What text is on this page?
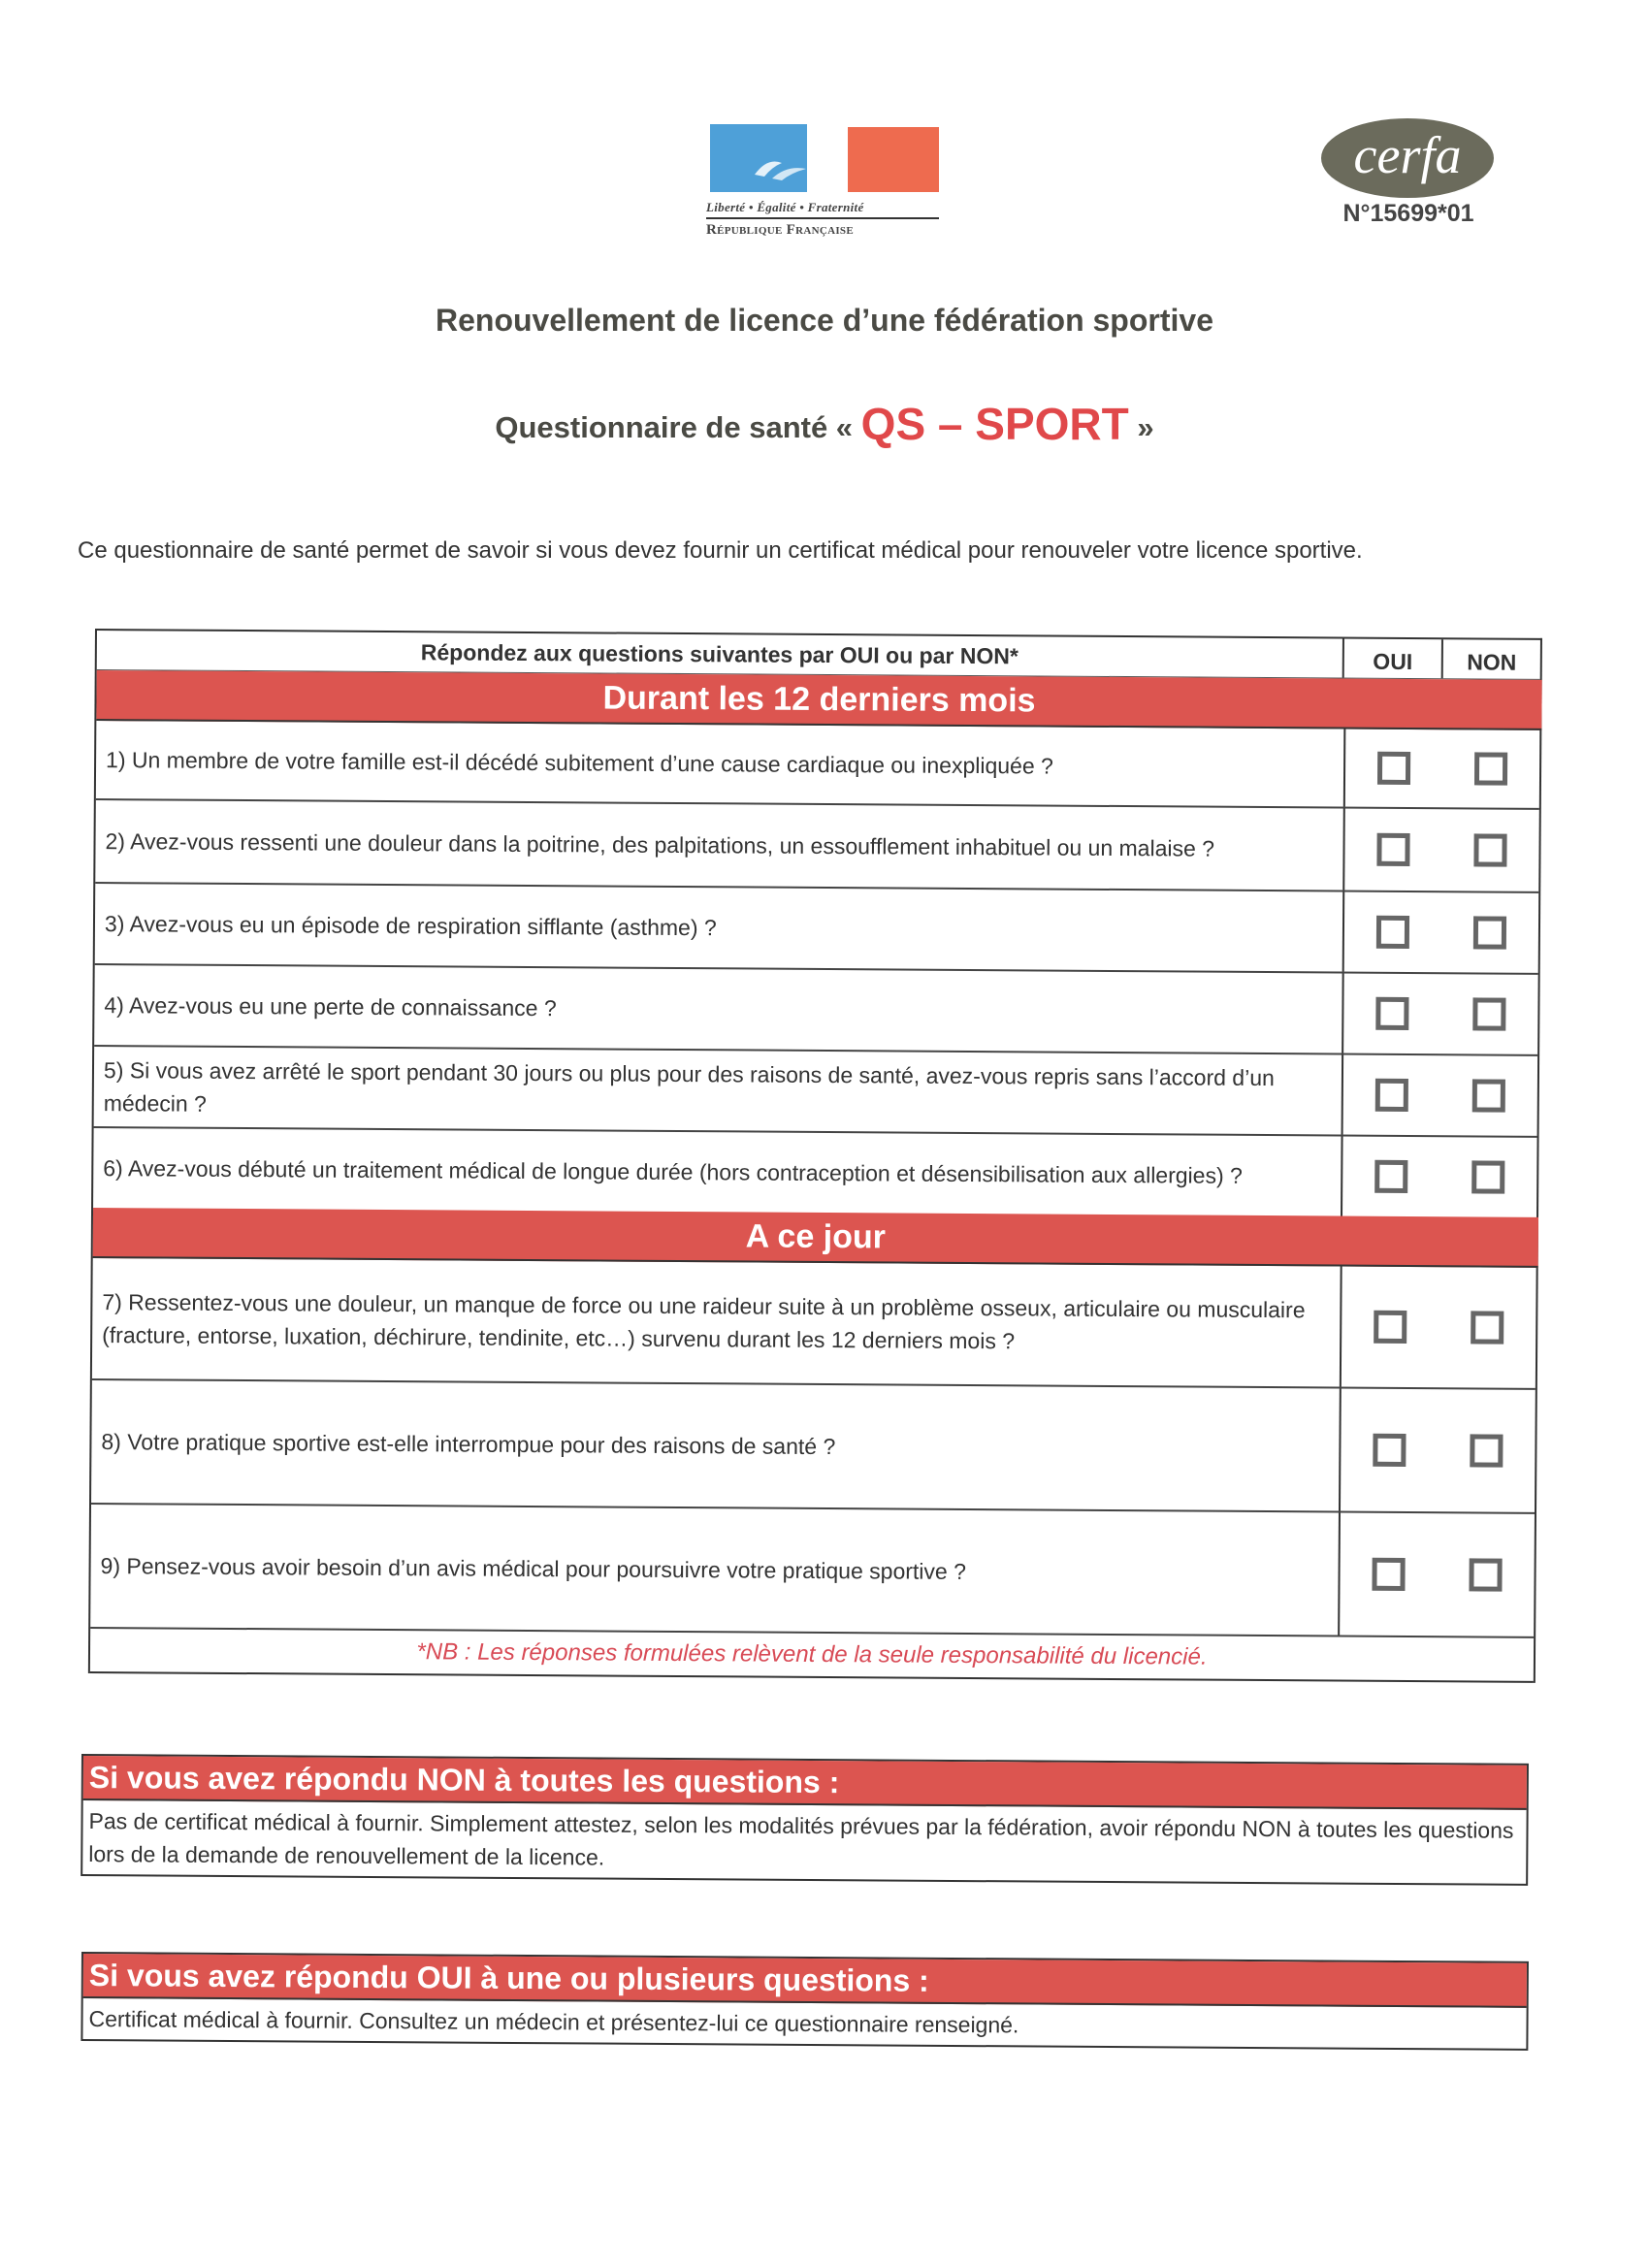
Liberté • Égalité • Fraternité
République Française
cerfa
N°15699*01
Renouvellement de licence d’une fédération sportive
Questionnaire de santé « QS – SPORT »
Ce questionnaire de santé permet de savoir si vous devez fournir un certificat médical pour renouveler votre licence sportive.
Répondez aux questions suivantes par OUI ou par NON*	OUI	NON
Durant les 12 derniers mois
1) Un membre de votre famille est-il décédé subitement d’une cause cardiaque ou inexpliquée ?
2) Avez-vous ressenti une douleur dans la poitrine, des palpitations, un essoufflement inhabituel ou un malaise ?
3) Avez-vous eu un épisode de respiration sifflante (asthme) ?
4) Avez-vous eu une perte de connaissance ?
5) Si vous avez arrêté le sport pendant 30 jours ou plus pour des raisons de santé, avez-vous repris sans l’accord d’un médecin ?
6) Avez-vous débuté un traitement médical de longue durée (hors contraception et désensibilisation aux allergies) ?
A ce jour
7) Ressentez-vous une douleur, un manque de force ou une raideur suite à un problème osseux, articulaire ou musculaire (fracture, entorse, luxation, déchirure, tendinite, etc…) survenu durant les 12 derniers mois ?
8) Votre pratique sportive est-elle interrompue pour des raisons de santé ?
9) Pensez-vous avoir besoin d’un avis médical pour poursuivre votre pratique sportive ?
*NB : Les réponses formulées relèvent de la seule responsabilité du licencié.
Si vous avez répondu NON à toutes les questions :
Pas de certificat médical à fournir. Simplement attestez, selon les modalités prévues par la fédération, avoir répondu NON à toutes les questions lors de la demande de renouvellement de la licence.
Si vous avez répondu OUI à une ou plusieurs questions :
Certificat médical à fournir. Consultez un médecin et présentez-lui ce questionnaire renseigné.
